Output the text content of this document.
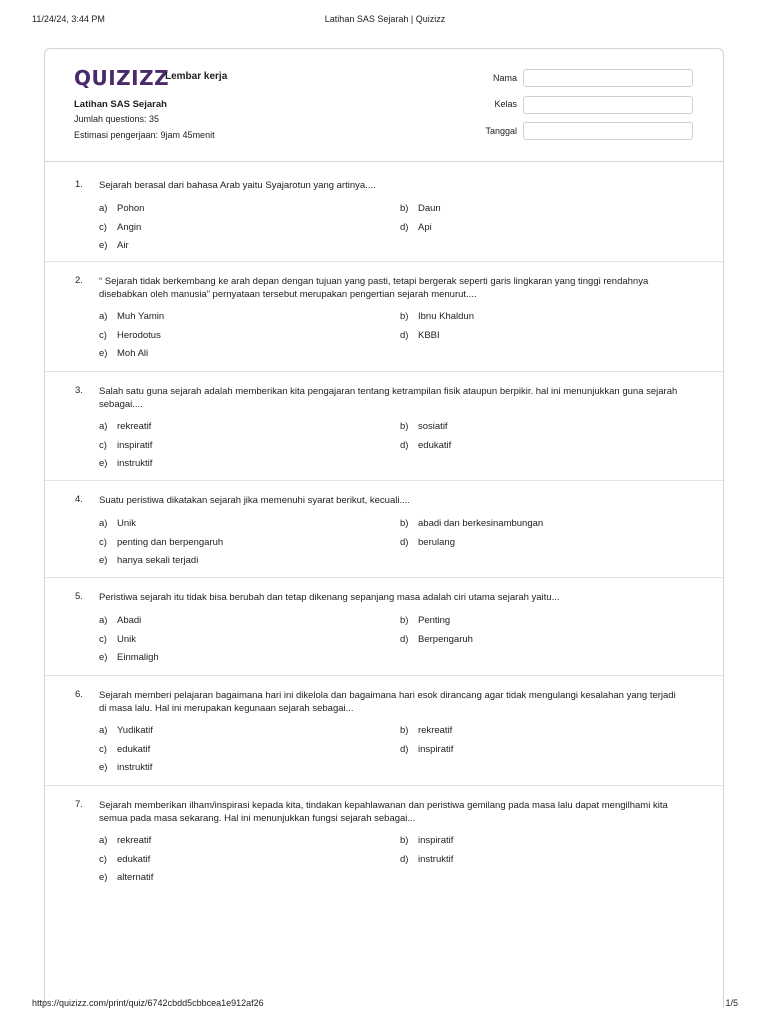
11/24/24, 3:44 PM	Latihan SAS Sejarah | Quizizz
QUIZIZZ
Lembar kerja
Latihan SAS Sejarah
Jumlah questions: 35
Estimasi pengerjaan: 9jam 45menit
Nama
Kelas
Tanggal
1. Sejarah berasal dari bahasa Arab yaitu Syajarotun yang artinya....
a) Pohon	b) Daun
c) Angin	d) Api
e) Air
2. “ Sejarah tidak berkembang ke arah depan dengan tujuan yang pasti, tetapi bergerak seperti garis lingkaran yang tinggi rendahnya disebabkan oleh manusia” pernyataan tersebut merupakan pengertian sejarah menurut....
a) Muh Yamin	b) Ibnu Khaldun
c) Herodotus	d) KBBI
e) Moh Ali
3. Salah satu guna sejarah adalah memberikan kita pengajaran tentang ketrampilan fisik ataupun berpikir. hal ini menunjukkan guna sejarah sebagai....
a) rekreatif	b) sosiatif
c) inspiratif	d) edukatif
e) instruktif
4. Suatu peristiwa dikatakan sejarah jika memenuhi syarat berikut, kecuali....
a) Unik	b) abadi dan berkesinambungan
c) penting dan berpengaruh	d) berulang
e) hanya sekali terjadi
5. Peristiwa sejarah itu tidak bisa berubah dan tetap dikenang sepanjang masa adalah ciri utama sejarah yaitu...
a) Abadi	b) Penting
c) Unik	d) Berpengaruh
e) Einmaligh
6. Sejarah memberi pelajaran bagaimana hari ini dikelola dan bagaimana hari esok dirancang agar tidak mengulangi kesalahan yang terjadi di masa lalu. Hal ini merupakan kegunaan sejarah sebagai...
a) Yudikatif	b) rekreatif
c) edukatif	d) inspiratif
e) instruktif
7. Sejarah memberikan ilham/inspirasi kepada kita, tindakan kepahlawanan dan peristiwa gemilang pada masa lalu dapat mengilhami kita semua pada masa sekarang. Hal ini menunjukkan fungsi sejarah sebagai...
a) rekreatif	b) inspiratif
c) edukatif	d) instruktif
e) alternatif
https://quizizz.com/print/quiz/6742cbdd5cbbcea1e912af26	1/5
